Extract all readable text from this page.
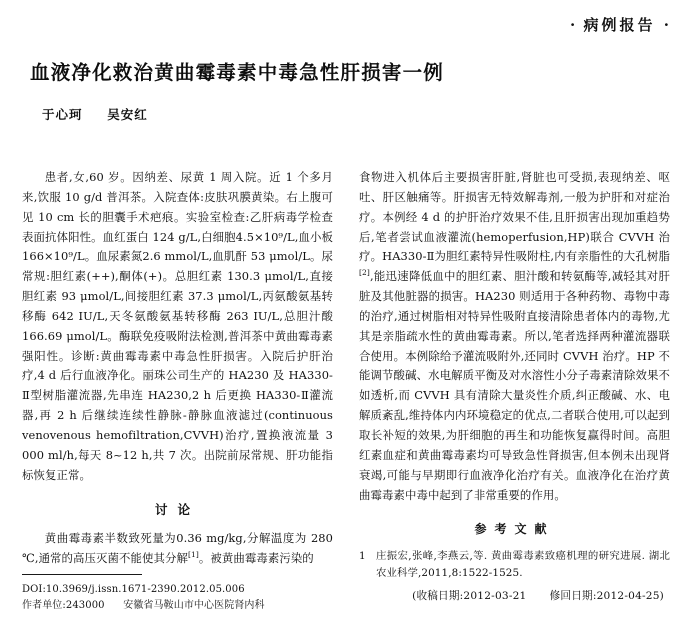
· 病例报告 ·
血液净化救治黄曲霉毒素中毒急性肝损害一例
于心珂 吴安红

患者,女,60 岁。因纳差、尿黄 1 周入院。近 1 个多月来,饮服 10 g/d 普洱茶。入院查体:皮肤巩膜黄染。右上腹可见 10 cm 长的胆囊手术疤痕。实验室检查:乙肝病毒学检查表面抗体阳性。血红蛋白 124 g/L,白细胞4.5×10⁹/L,血小板 166×10⁹/L。血尿素氮2.6 mmol/L,血肌酐 53 μmol/L。尿常规:胆红素(++),酮体(+)。总胆红素 130.3 μmol/L,直接胆红素 93 μmol/L,间接胆红素 37.3 μmol/L,丙氨酸氨基转移酶 642 IU/L,天冬氨酸氨基转移酶 263 IU/L,总胆汁酸 166.69 μmol/L。酶联免疫吸附法检测,普洱茶中黄曲霉毒素强阳性。诊断:黄曲霉毒素中毒急性肝损害。入院后护肝治疗,4 d 后行血液净化。丽珠公司生产的 HA230 及 HA330-Ⅱ型树脂灌流器,先串连 HA230,2 h 后更换 HA330-Ⅱ灌流器,再 2 h 后继续连续性静脉-静脉血液滤过(continuous venovenous hemofiltration,CVVH)治疗,置换液流量 3 000 ml/h,每天 8~12 h,共 7 次。出院前尿常规、肝功能指标恢复正常。

讨论

黄曲霉毒素半数致死量为0.36 mg/kg,分解温度为 280 ℃,通常的高压灭菌不能使其分解[1]。被黄曲霉毒素污染的

食物进入机体后主要损害肝脏,肾脏也可受损,表现纳差、呕吐、肝区触痛等。肝损害无特效解毒剂,一般为护肝和对症治疗。本例经 4 d 的护肝治疗效果不佳,且肝损害出现加重趋势后,笔者尝试血液灌流(hemoperfusion,HP)联合 CVVH 治疗。HA330-Ⅱ为胆红素特异性吸附柱,内有亲脂性的大孔树脂[2],能迅速降低血中的胆红素、胆汁酸和转氨酶等,减轻其对肝脏及其他脏器的损害。HA230 则适用于各种药物、毒物中毒的治疗,通过树脂相对特异性吸附直接清除患者体内的毒物,尤其是亲脂疏水性的黄曲霉毒素。所以,笔者选择两种灌流器联合使用。本例除给予灌流吸附外,还同时 CVVH 治疗。HP 不能调节酸碱、水电解质平衡及对水溶性小分子毒素清除效果不如透析,而 CVVH 具有清除大量炎性介质,纠正酸碱、水、电解质紊乱,维持体内内环境稳定的优点,二者联合使用,可以起到取长补短的效果,为肝细胞的再生和功能恢复赢得时间。高胆红素血症和黄曲霉毒素均可导致急性肾损害,但本例未出现肾衰竭,可能与早期即行血液净化治疗有关。血液净化在治疗黄曲霉毒素中毒中起到了非常重要的作用。

参考文献
1 庄振宏,张峰,李燕云,等. 黄曲霉毒素致癌机理的研究进展. 湖北农业科学,2011,8:1522-1525.
(收稿日期:2012-03-21 修回日期:2012-04-25)
DOI:10.3969/j.issn.1671-2390.2012.05.006
作者单位:243000 安徽省马鞍山市中心医院肾内科
